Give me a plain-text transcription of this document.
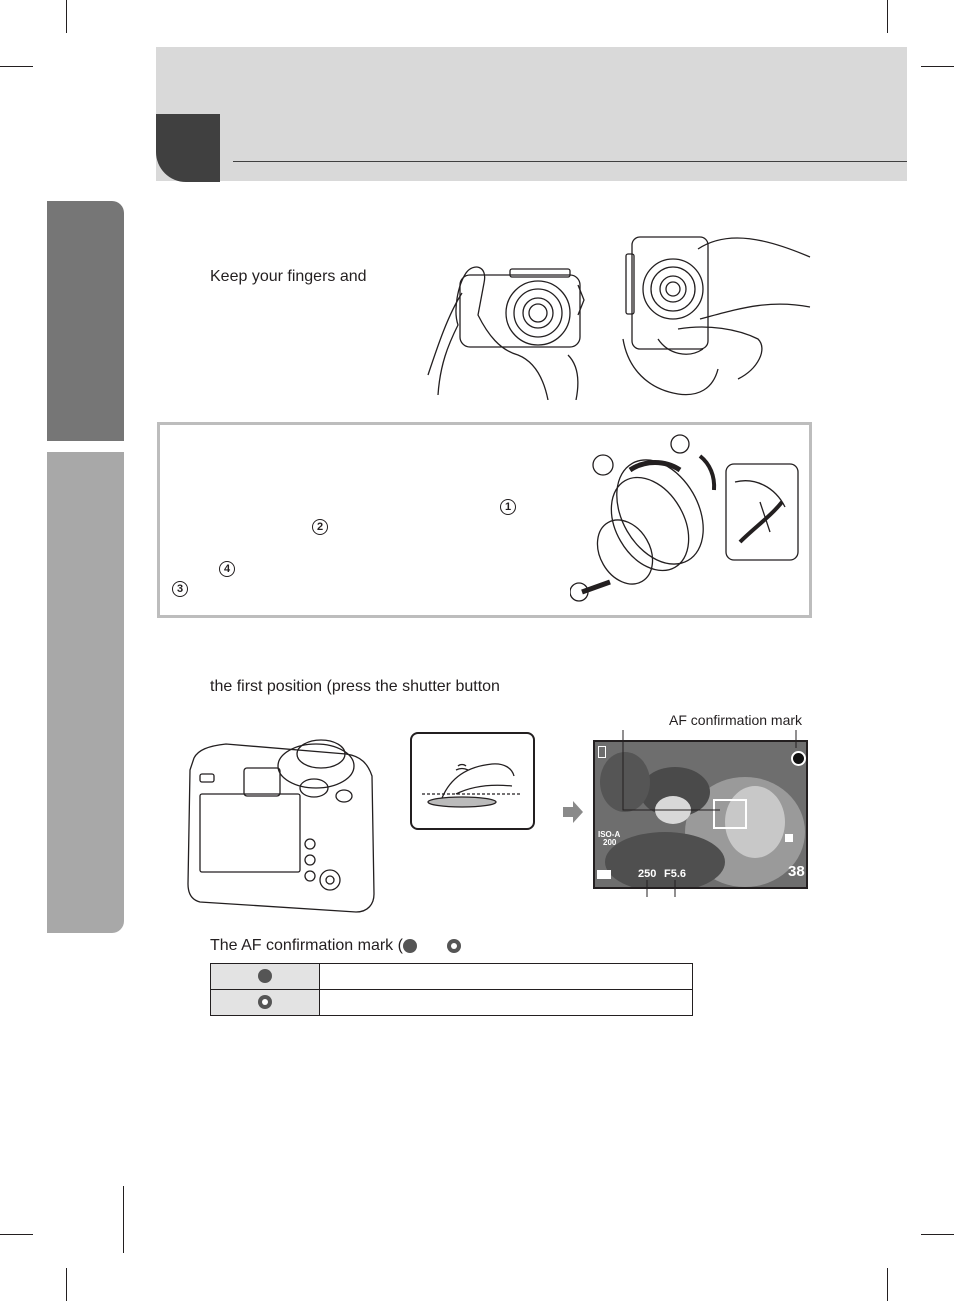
Keep your fingers and
1
2
4
3
the first position (press the shutter button
AF confirmation mark
ISO-A
200
250 F5.6	38
The AF confirmation mark (
